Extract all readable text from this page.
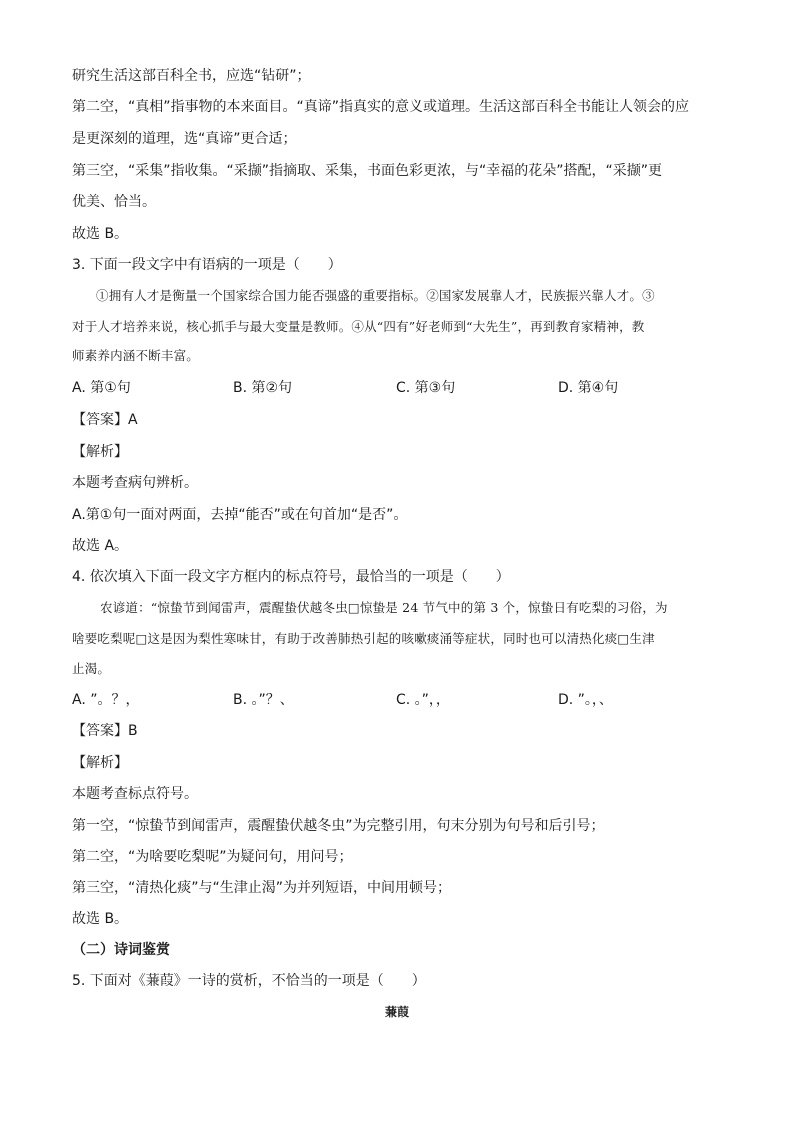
研究生活这部百科全书，应选“钻研”；
第二空，“真相”指事物的本来面目。“真谛”指真实的意义或道理。生活这部百科全书能让人领会的应
是更深刻的道理，选“真谛”更合适；
第三空，“采集”指收集。“采撷”指摘取、采集，书面色彩更浓，与“幸福的花朵”搭配，“采撷”更
优美、恰当。
故选 B。
3. 下面一段文字中有语病的一项是（　　）
①拥有人才是衡量一个国家综合国力能否强盛的重要指标。②国家发展靠人才，民族振兴靠人才。③
对于人才培养来说，核心抓手与最大变量是教师。④从“四有”好老师到“大先生”，再到教育家精神，教
师素养内涵不断丰富。
A. 第①句	B. 第②句	C. 第③句	D. 第④句
【答案】A
【解析】
本题考查病句辨析。
A.第①句一面对两面，去掉“能否”或在句首加“是否”。
故选 A。
4. 依次填入下面一段文字方框内的标点符号，最恰当的一项是（　　）
农谚道：“惊蛰节到闻雷声，震醒蛰伏越冬虫□惊蛰是 24 节气中的第 3 个，惊蛰日有吃梨的习俗，为
啥要吃梨呢□这是因为梨性寒味甘，有助于改善肺热引起的咳嗽痰涌等症状，同时也可以清热化痰□生津
止渴。
A. ”。？，	B. 。”？、	C. 。”，，	D. ”。，、
【答案】B
【解析】
本题考查标点符号。
第一空，“惊蛰节到闻雷声，震醒蛰伏越冬虫”为完整引用，句末分别为句号和后引号；
第二空，“为啥要吃梨呢”为疑问句，用问号；
第三空，“清热化痰”与“生津止渴”为并列短语，中间用顿号；
故选 B。
（二）诗词鉴赏
5. 下面对《蒹葭》一诗的赏析，不恰当的一项是（　　）
蒹葭
